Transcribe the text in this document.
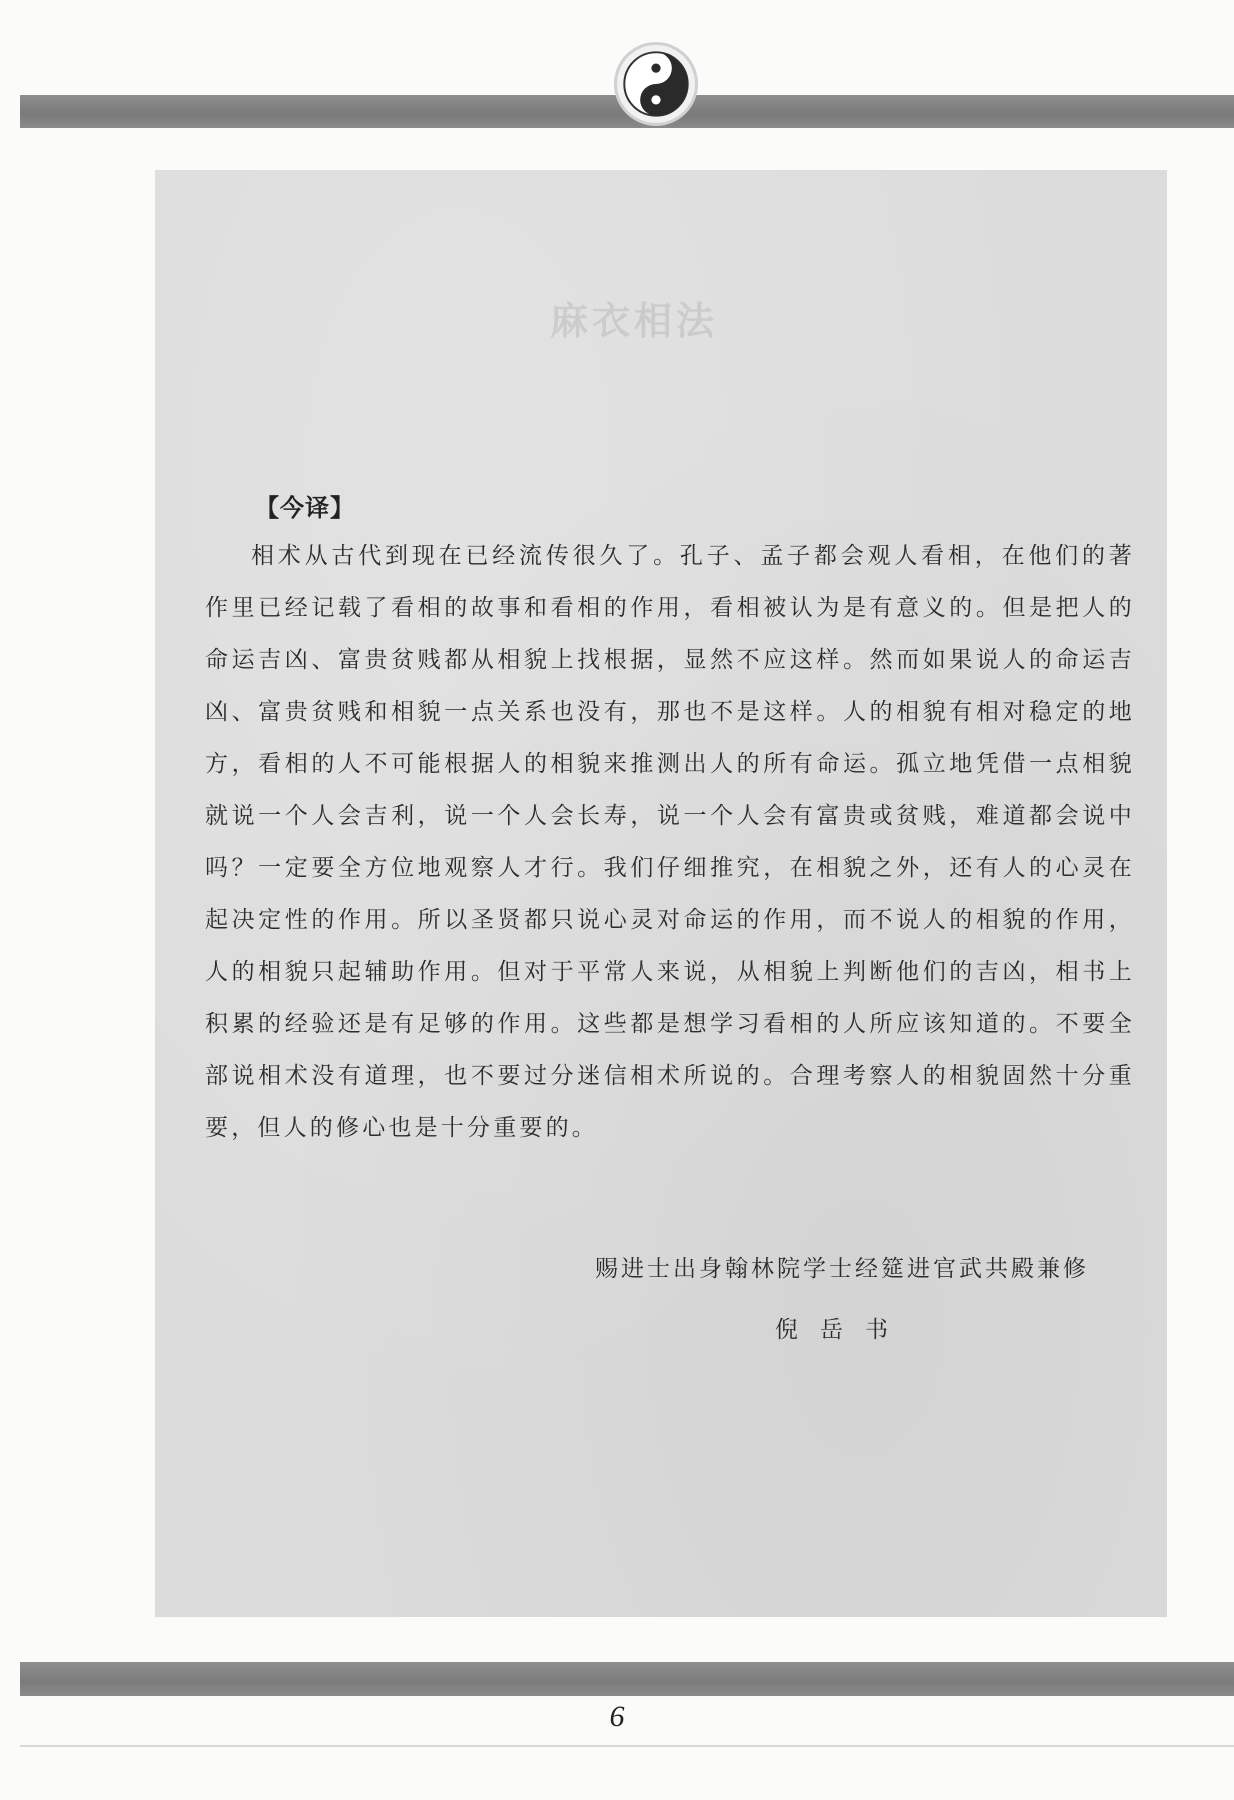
麻衣相法
【今译】
相术从古代到现在已经流传很久了。孔子、孟子都会观人看相，在他们的著作里已经记载了看相的故事和看相的作用，看相被认为是有意义的。但是把人的命运吉凶、富贵贫贱都从相貌上找根据，显然不应这样。然而如果说人的命运吉凶、富贵贫贱和相貌一点关系也没有，那也不是这样。人的相貌有相对稳定的地方，看相的人不可能根据人的相貌来推测出人的所有命运。孤立地凭借一点相貌就说一个人会吉利，说一个人会长寿，说一个人会有富贵或贫贱，难道都会说中吗？一定要全方位地观察人才行。我们仔细推究，在相貌之外，还有人的心灵在起决定性的作用。所以圣贤都只说心灵对命运的作用，而不说人的相貌的作用，人的相貌只起辅助作用。但对于平常人来说，从相貌上判断他们的吉凶，相书上积累的经验还是有足够的作用。这些都是想学习看相的人所应该知道的。不要全部说相术没有道理，也不要过分迷信相术所说的。合理考察人的相貌固然十分重要，但人的修心也是十分重要的。
赐进士出身翰林院学士经筵进官武共殿兼修
倪岳书
6
